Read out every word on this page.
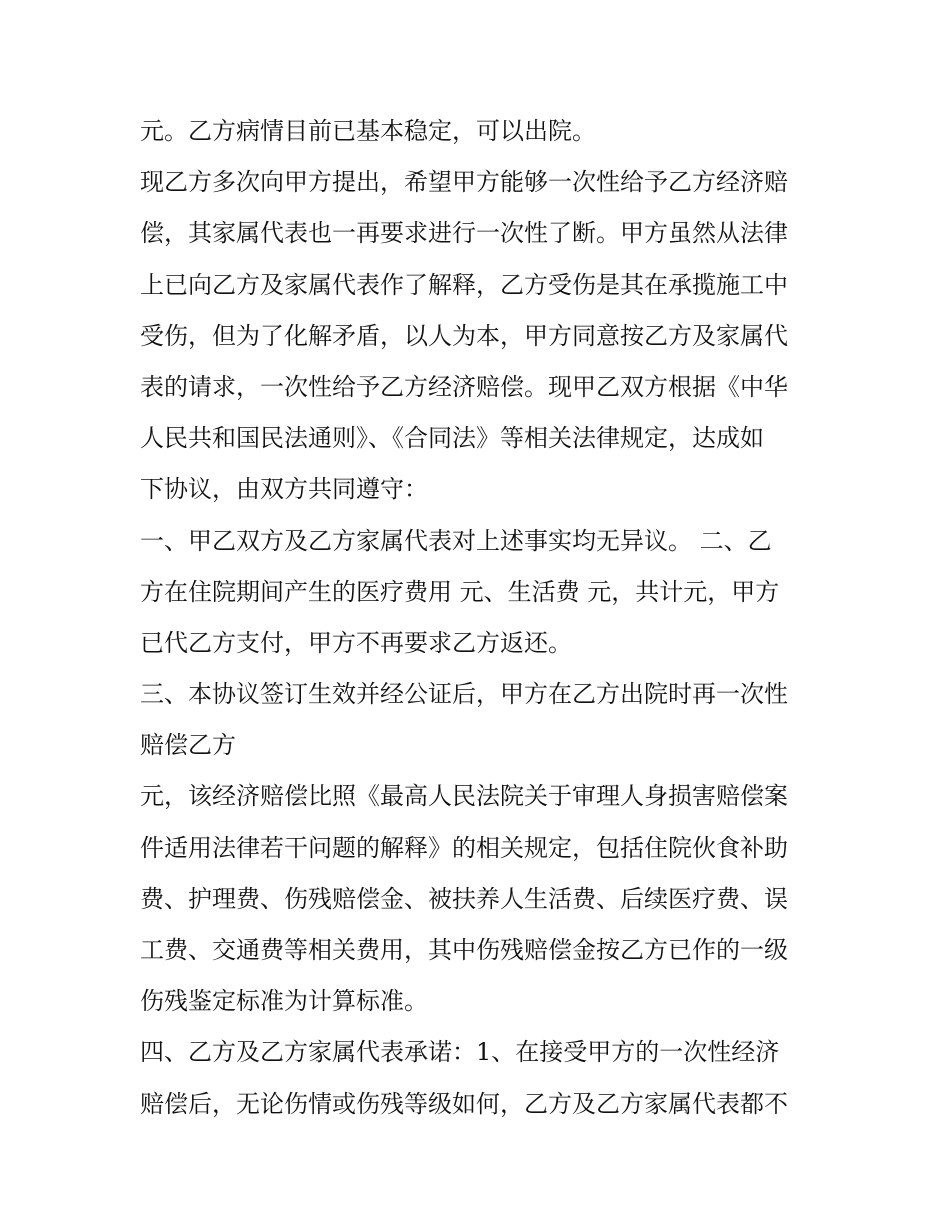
元。乙方病情目前已基本稳定，可以出院。
现乙方多次向甲方提出，希望甲方能够一次性给予乙方经济赔
偿，其家属代表也一再要求进行一次性了断。甲方虽然从法律
上已向乙方及家属代表作了解释，乙方受伤是其在承揽施工中
受伤，但为了化解矛盾，以人为本，甲方同意按乙方及家属代
表的请求，一次性给予乙方经济赔偿。现甲乙双方根据《中华
人民共和国民法通则》、《合同法》等相关法律规定，达成如
下协议，由双方共同遵守：
一、甲乙双方及乙方家属代表对上述事实均无异议。 二、乙
方在住院期间产生的医疗费用 元、生活费 元，共计元，甲方
已代乙方支付，甲方不再要求乙方返还。
三、本协议签订生效并经公证后，甲方在乙方出院时再一次性
赔偿乙方
元，该经济赔偿比照《最高人民法院关于审理人身损害赔偿案
件适用法律若干问题的解释》的相关规定，包括住院伙食补助
费、护理费、伤残赔偿金、被扶养人生活费、后续医疗费、误
工费、交通费等相关费用，其中伤残赔偿金按乙方已作的一级
伤残鉴定标准为计算标准。
四、乙方及乙方家属代表承诺：1、在接受甲方的一次性经济
赔偿后，无论伤情或伤残等级如何，乙方及乙方家属代表都不
